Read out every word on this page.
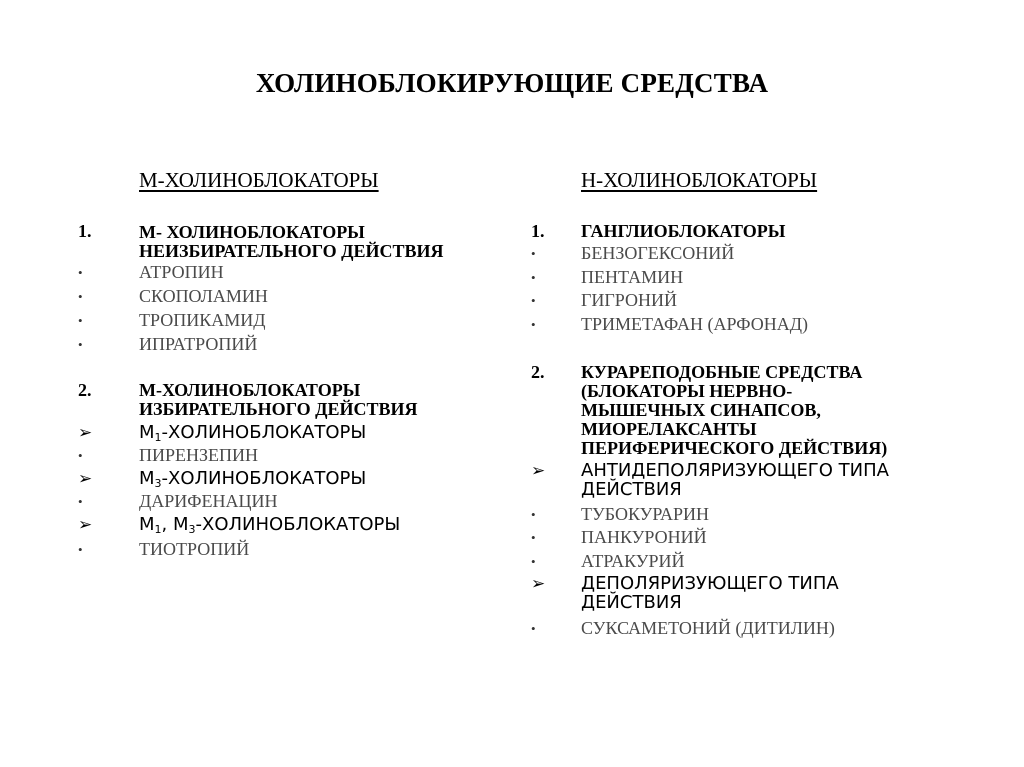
ХОЛИНОБЛОКИРУЮЩИЕ СРЕДСТВА
М-ХОЛИНОБЛОКАТОРЫ
1.	М- ХОЛИНОБЛОКАТОРЫ
НЕИЗБИРАТЕЛЬНОГО ДЕЙСТВИЯ
•	АТРОПИН
•	СКОПОЛАМИН
•	ТРОПИКАМИД
•	ИПРАТРОПИЙ
2.	М-ХОЛИНОБЛОКАТОРЫ
ИЗБИРАТЕЛЬНОГО ДЕЙСТВИЯ
➢	$М_1$-ХОЛИНОБЛОКАТОРЫ
•	ПИРЕНЗЕПИН
➢	$М_3$-ХОЛИНОБЛОКАТОРЫ
•	ДАРИФЕНАЦИН
➢	$М_1$, $М_3$-ХОЛИНОБЛОКАТОРЫ
•	ТИОТРОПИЙ
Н-ХОЛИНОБЛОКАТОРЫ
1. ГАНГЛИОБЛОКАТОРЫ
•	БЕНЗОГЕКСОНИЙ
•	ПЕНТАМИН
•	ГИГРОНИЙ
•	ТРИМЕТАФАН (АРФОНАД)
2. КУРАРЕПОДОБНЫЕ СРЕДСТВА
(БЛОКАТОРЫ НЕРВНО-
МЫШЕЧНЫХ СИНАПСОВ,
МИОРЕЛАКСАНТЫ
ПЕРИФЕРИЧЕСКОГО ДЕЙСТВИЯ)
➢ АНТИДЕПОЛЯРИЗУЮЩЕГО ТИПА
ДЕЙСТВИЯ
•	ТУБОКУРАРИН
•	ПАНКУРОНИЙ
•	АТРАКУРИЙ
➢ ДЕПОЛЯРИЗУЮЩЕГО ТИПА
ДЕЙСТВИЯ
•	СУКСАМЕТОНИЙ (ДИТИЛИН)
